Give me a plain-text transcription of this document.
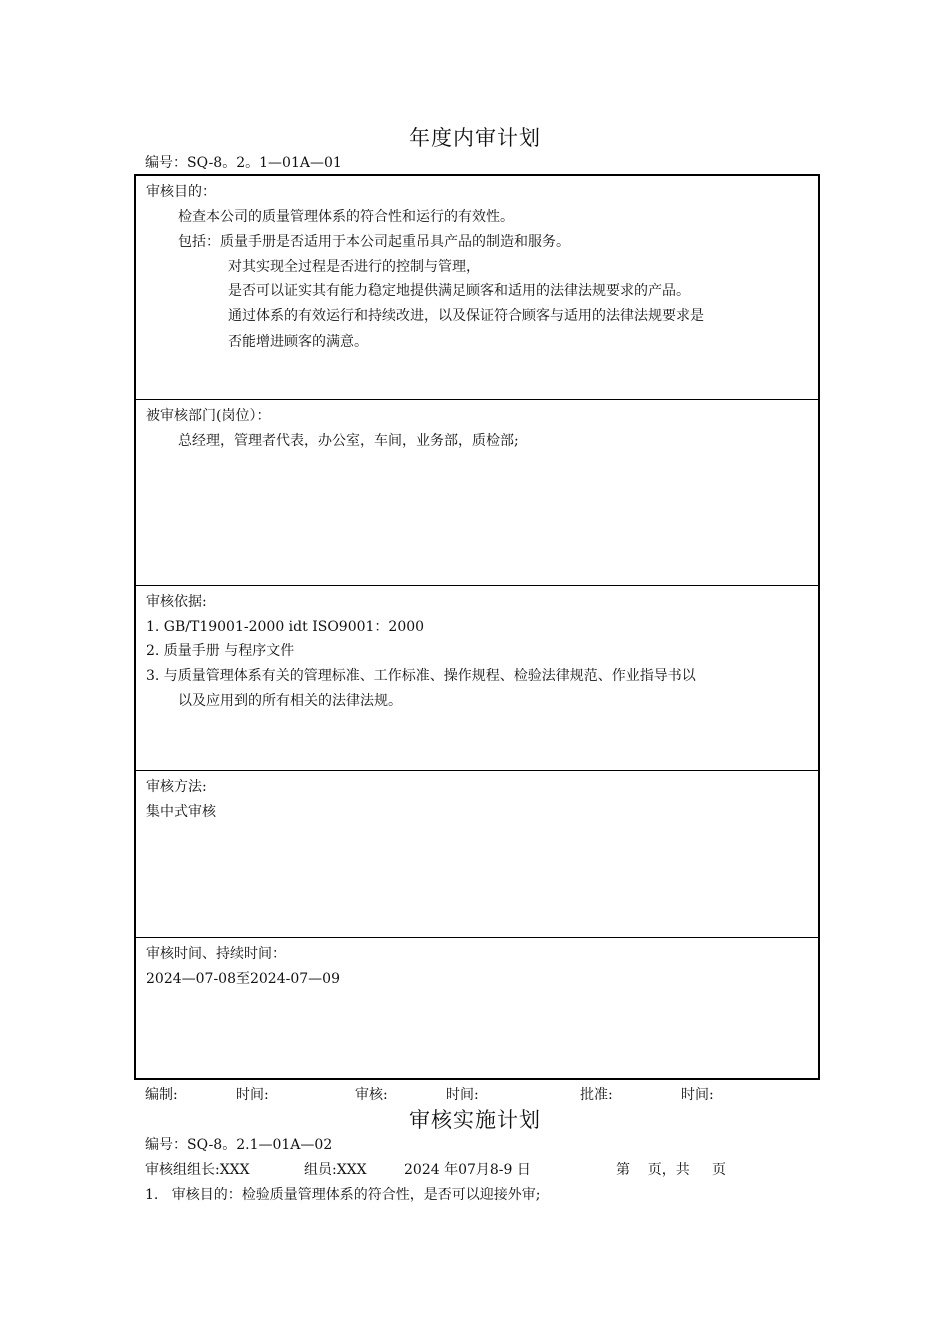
年度内审计划
编号：SQ-8。2。1—01A—01
审核目的：
检查本公司的质量管理体系的符合性和运行的有效性。
包括：质量手册是否适用于本公司起重吊具产品的制造和服务。
对其实现全过程是否进行的控制与管理，
是否可以证实其有能力稳定地提供满足顾客和适用的法律法规要求的产品。
通过体系的有效运行和持续改进，以及保证符合顾客与适用的法律法规要求是
否能增进顾客的满意。
被审核部门(岗位）：
总经理，管理者代表，办公室，车间，业务部，质检部;
审核依据:
1. GB/T19001-2000 idt ISO9001：2000
2. 质量手册 与程序文件
3. 与质量管理体系有关的管理标准、工作标准、操作规程、检验法律规范、作业指导书以
以及应用到的所有相关的法律法规。
审核方法:
集中式审核
审核时间、持续时间：
2024—07-08至2024-07—09
编制:	时间:	审核:	时间:	批准:	时间:
审核实施计划
编号：SQ-8。2.1—01A—02
审核组组长:XXX	组员:XXX	2024 年07月8-9 日	第    页，共     页
1.   审核目的：检验质量管理体系的符合性，是否可以迎接外审;
